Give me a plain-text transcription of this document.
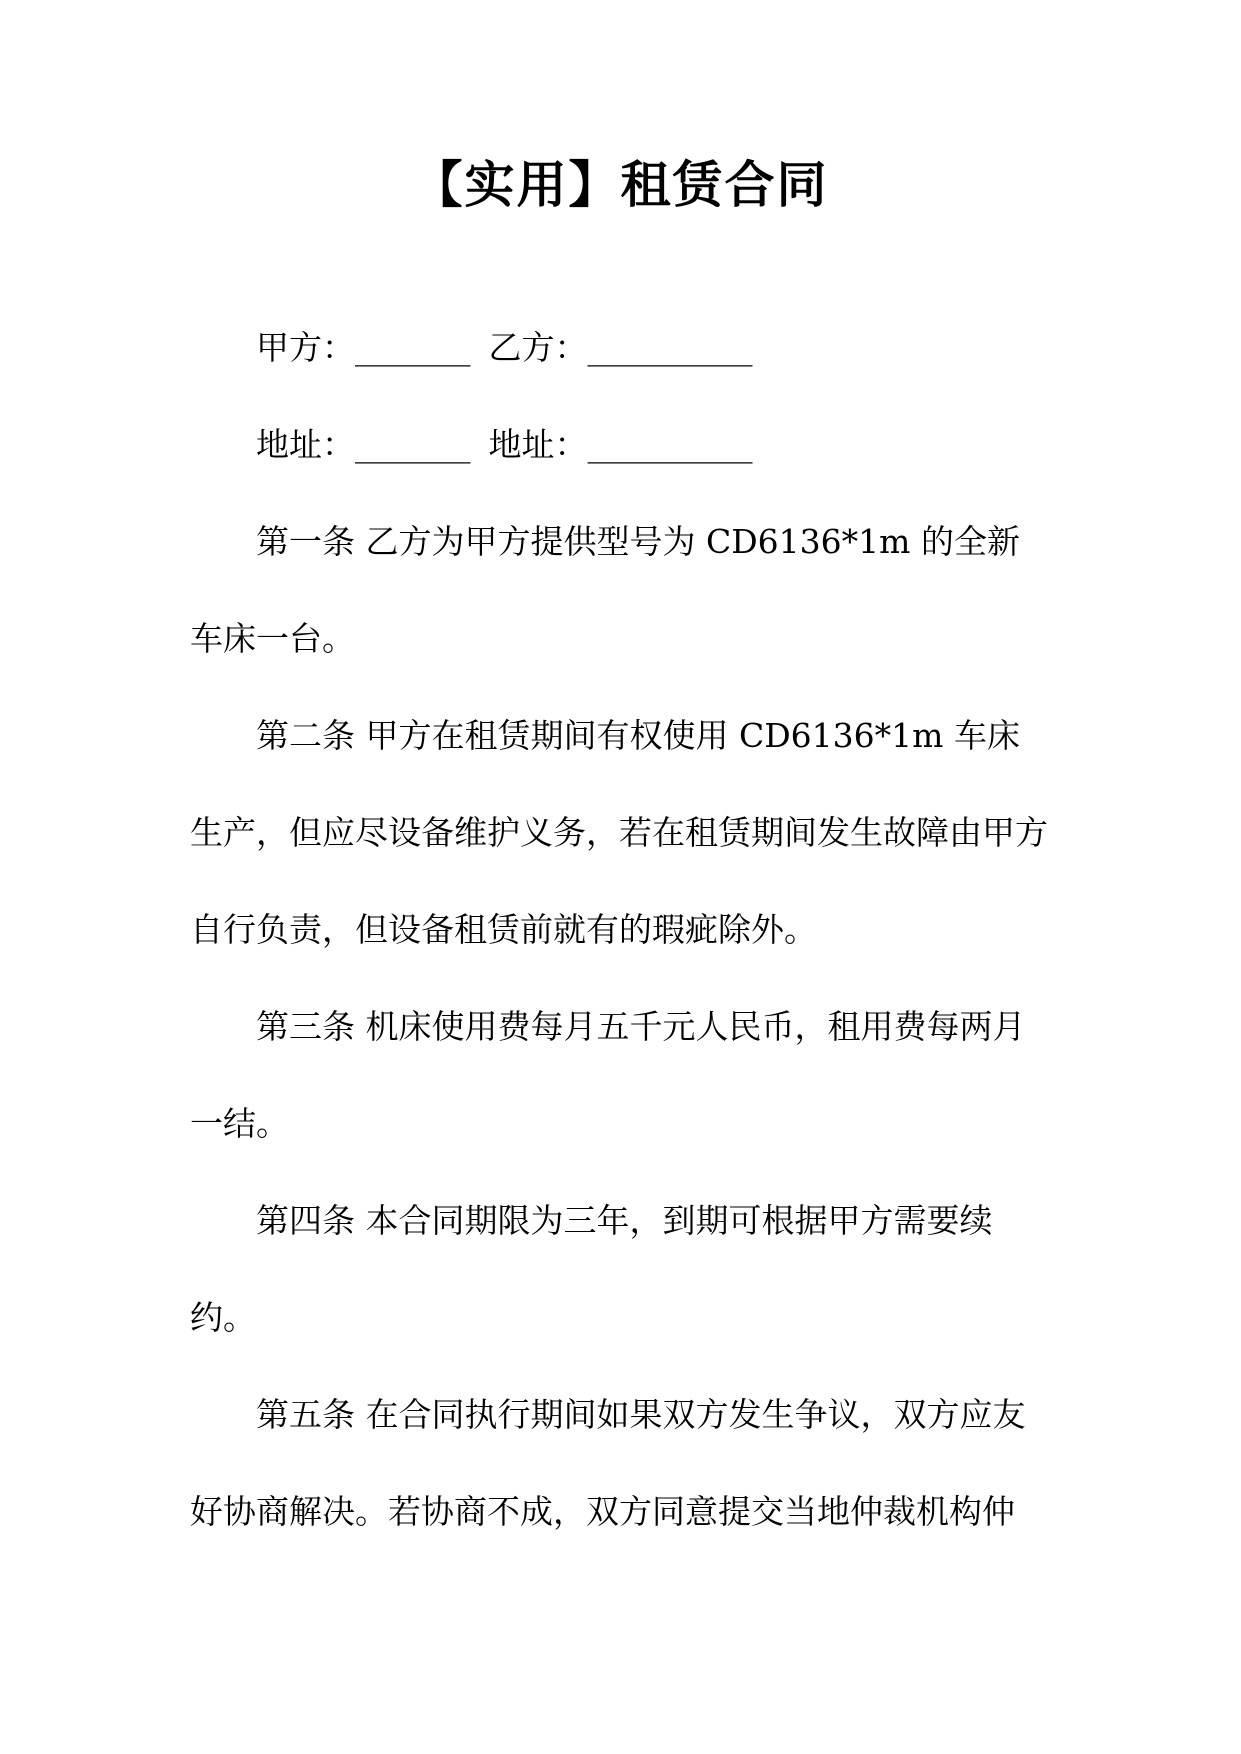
【实用】租赁合同

甲方：_______ 乙方：__________

地址：_______ 地址：__________

第一条 乙方为甲方提供型号为 CD6136*1m 的全新车床一台。

第二条 甲方在租赁期间有权使用 CD6136*1m 车床生产，但应尽设备维护义务，若在租赁期间发生故障由甲方自行负责，但设备租赁前就有的瑕疵除外。

第三条 机床使用费每月五千元人民币，租用费每两月一结。

第四条 本合同期限为三年，到期可根据甲方需要续约。

第五条 在合同执行期间如果双方发生争议，双方应友好协商解决。若协商不成，双方同意提交当地仲裁机构仲
